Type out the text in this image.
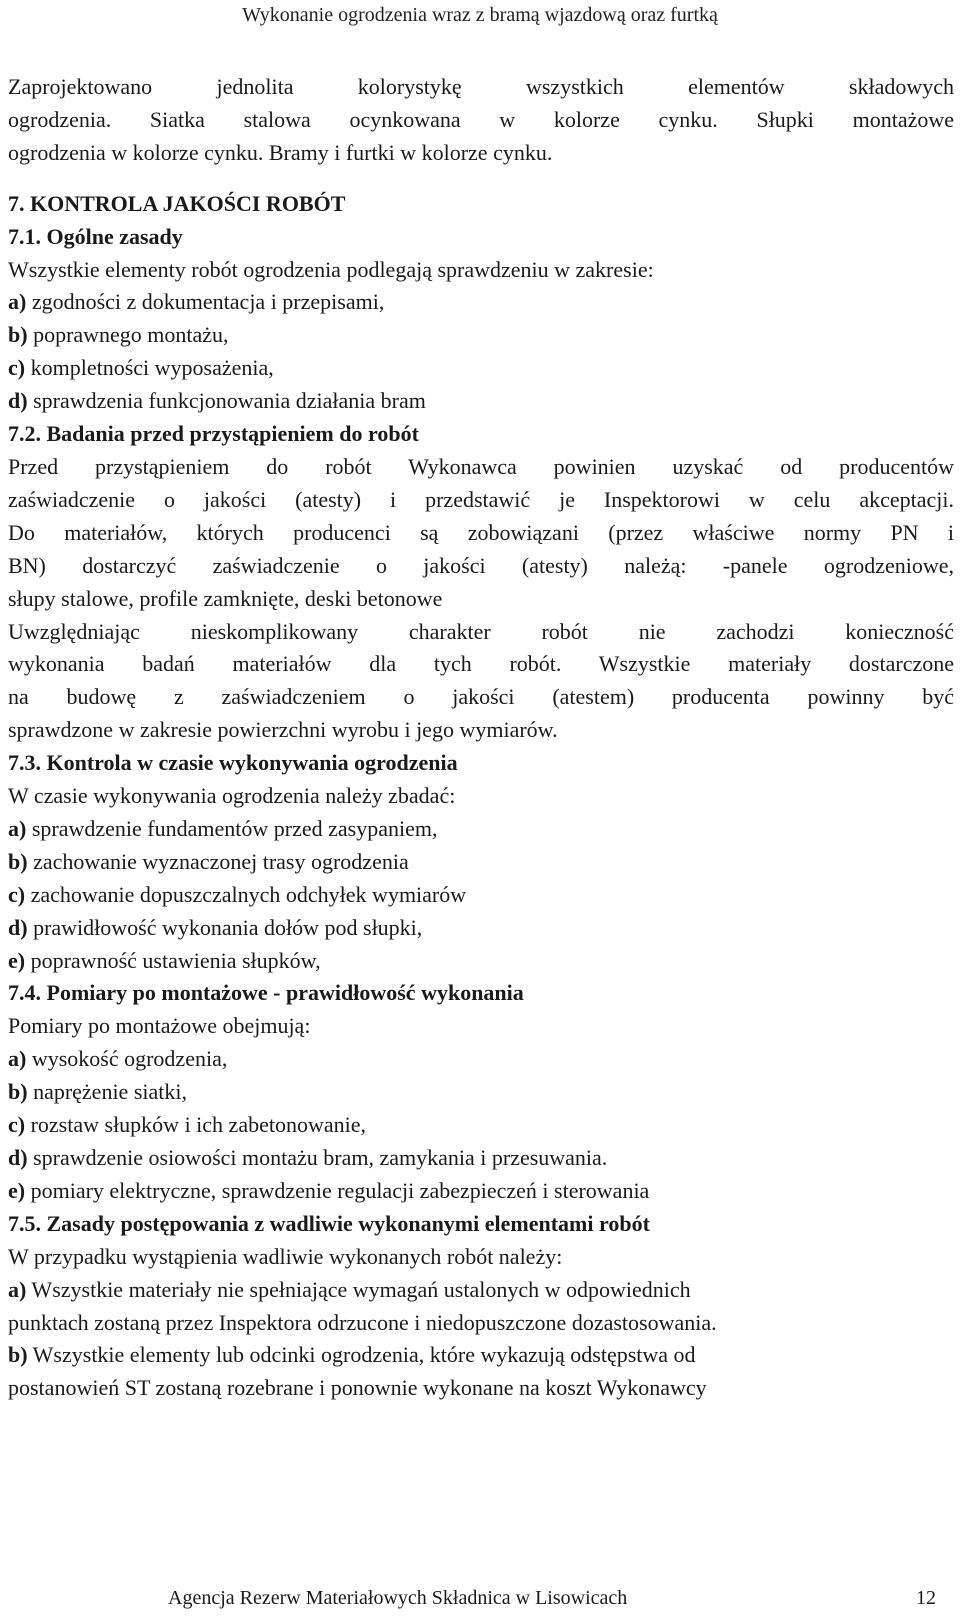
Wykonanie ogrodzenia wraz z bramą wjazdową oraz furtką

Zaprojektowano jednolita kolorystykę wszystkich elementów składowych

ogrodzenia. Siatka stalowa ocynkowana w kolorze cynku. Słupki montażowe

ogrodzenia w kolorze cynku. Bramy i furtki w kolorze cynku.

7. KONTROLA JAKOŚCI ROBÓT

7.1. Ogólne zasady

Wszystkie elementy robót ogrodzenia podlegają sprawdzeniu w zakresie:

a) zgodności z dokumentacja i przepisami,

b) poprawnego montażu,

c) kompletności wyposażenia,

d) sprawdzenia funkcjonowania działania bram

7.2. Badania przed przystąpieniem do robót

Przed przystąpieniem do robót Wykonawca powinien uzyskać od producentów

zaświadczenie o jakości (atesty) i przedstawić je Inspektorowi w celu akceptacji.

Do materiałów, których producenci są zobowiązani (przez właściwe normy PN i

BN) dostarczyć zaświadczenie o jakości (atesty) należą: -panele ogrodzeniowe,

słupy stalowe, profile zamknięte, deski betonowe

Uwzględniając nieskomplikowany charakter robót nie zachodzi konieczność

wykonania badań materiałów dla tych robót. Wszystkie materiały dostarczone

na budowę z zaświadczeniem o jakości (atestem) producenta powinny być

sprawdzone w zakresie powierzchni wyrobu i jego wymiarów.

7.3. Kontrola w czasie wykonywania ogrodzenia

W czasie wykonywania ogrodzenia należy zbadać:

a) sprawdzenie fundamentów przed zasypaniem,

b) zachowanie wyznaczonej trasy ogrodzenia

c) zachowanie dopuszczalnych odchyłek wymiarów

d) prawidłowość wykonania dołów pod słupki,

e) poprawność ustawienia słupków,

7.4. Pomiary po montażowe - prawidłowość wykonania

Pomiary po montażowe obejmują:

a) wysokość ogrodzenia,

b) naprężenie siatki,

c) rozstaw słupków i ich zabetonowanie,

d) sprawdzenie osiowości montażu bram, zamykania i przesuwania.

e) pomiary elektryczne, sprawdzenie regulacji zabezpieczeń i sterowania

7.5. Zasady postępowania z wadliwie wykonanymi elementami robót

W przypadku wystąpienia wadliwie wykonanych robót należy:

a) Wszystkie materiały nie spełniające wymagań ustalonych w odpowiednich

punktach zostaną przez Inspektora odrzucone i niedopuszczone dozastosowania.

b) Wszystkie elementy lub odcinki ogrodzenia, które wykazują odstępstwa od

postanowień ST zostaną rozebrane i ponownie wykonane na koszt Wykonawcy

Agencja Rezerw Materiałowych Składnica w Lisowicach	12
